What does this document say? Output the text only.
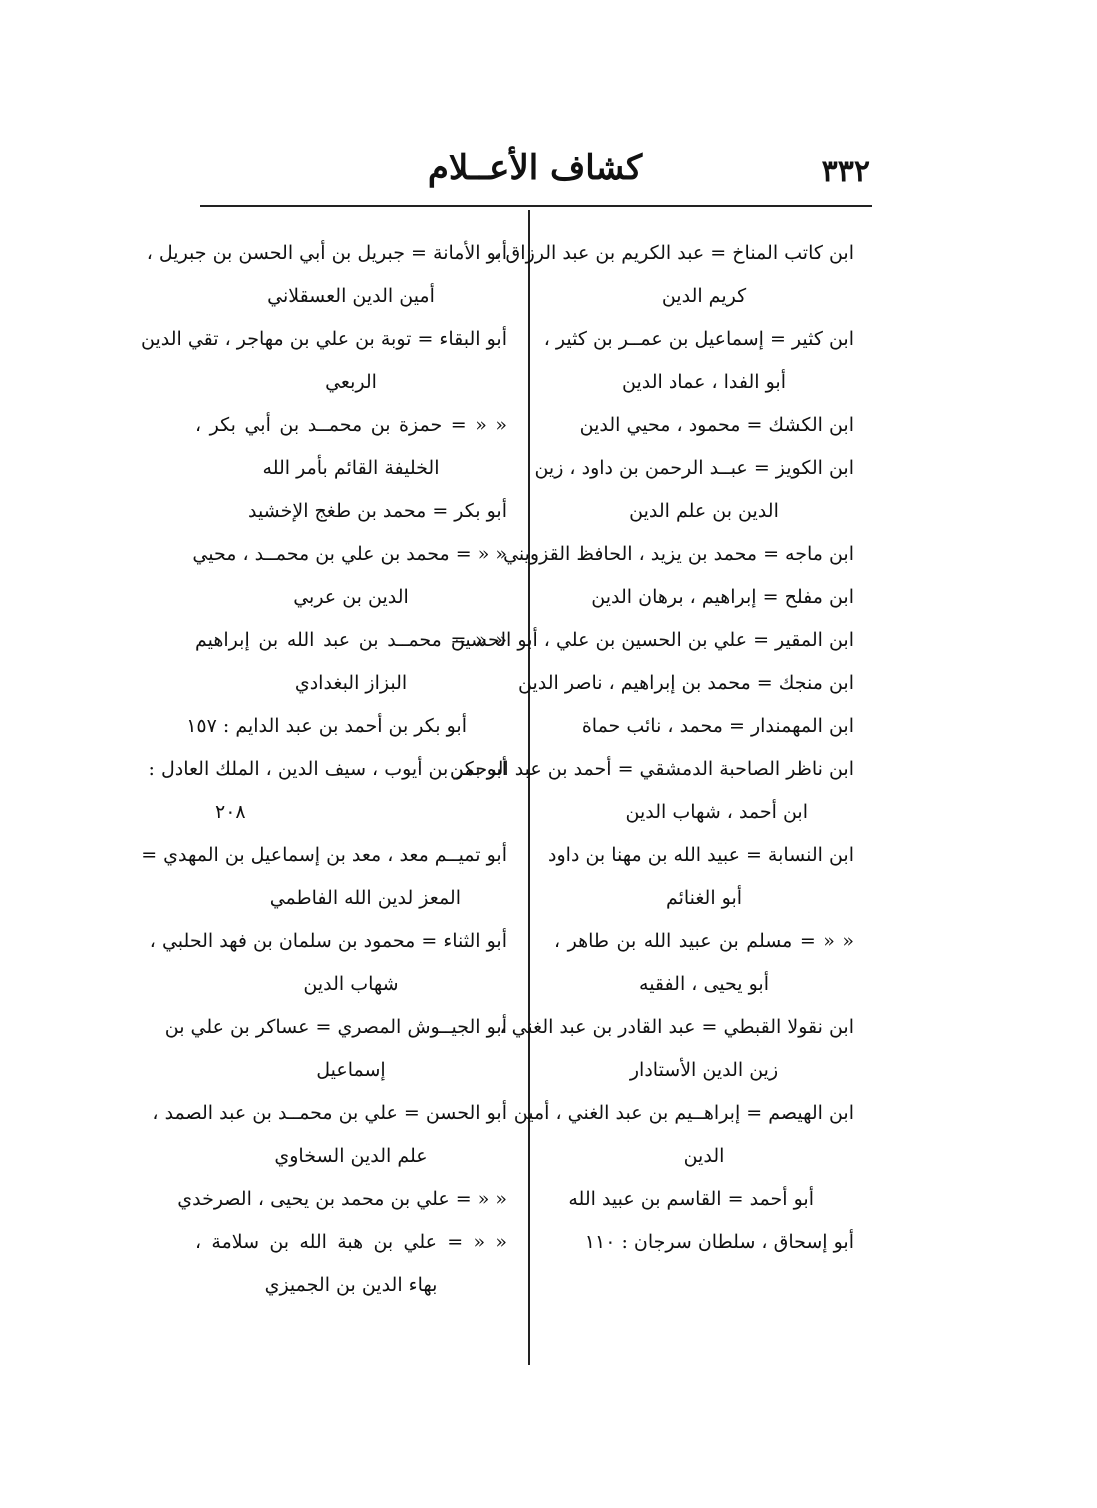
٣٣٢
كشاف الأعــلام
ابن كاتب المناخ = عبد الكريم بن عبد الرزاق ،
كريم الدين
ابن كثير = إسماعيل بن عمــر بن كثير ،
أبو الفدا ، عماد الدين
ابن الكشك = محمود ، محيي الدين
ابن الكويز = عبــد الرحمن بن داود ، زين
الدين بن علم الدين
ابن ماجه = محمد بن يزيد ، الحافظ القزويني
ابن مفلح = إبراهيم ، برهان الدين
ابن المقير = علي بن الحسين بن علي ، أبو الحسين
ابن منجك = محمد بن إبراهيم ، ناصر الدين
ابن المهمندار = محمد ، نائب حماة
ابن ناظر الصاحبة الدمشقي = أحمد بن عبد الرحمن
ابن أحمد ، شهاب الدين
ابن النسابة = عبيد الله بن مهنا بن داود
أبو الغنائم
« « = مسلم بن عبيد الله بن طاهر ،
أبو يحيى ، الفقيه
ابن نقولا القبطي = عبد القادر بن عبد الغني ،
زين الدين الأستادار
ابن الهيصم = إبراهــيم بن عبد الغني ، أمين
الدين
أبو أحمد = القاسم بن عبيد الله
أبو إسحاق ، سلطان سرجان : ١١٠
أبو الأمانة = جبريل بن أبي الحسن بن جبريل ،
أمين الدين العسقلاني
أبو البقاء = توبة بن علي بن مهاجر ، تقي الدين
الربعي
« « = حمزة بن محمــد بن أبي بكر ،
الخليفة القائم بأمر الله
أبو بكر = محمد بن طغج الإخشيد
« « = محمد بن علي بن محمــد ، محيي
الدين بن عربي
« « = محمــد بن عبد الله بن إبراهيم
البزاز البغدادي
أبو بكر بن أحمد بن عبد الدايم : ١٥٧
أبو بكر بن أيوب ، سيف الدين ، الملك العادل :
٢٠٨
أبو تميــم معد ، معد بن إسماعيل بن المهدي =
المعز لدين الله الفاطمي
أبو الثناء = محمود بن سلمان بن فهد الحلبي ،
شهاب الدين
أبو الجيــوش المصري = عساكر بن علي بن
إسماعيل
أبو الحسن = علي بن محمــد بن عبد الصمد ،
علم الدين السخاوي
« « = علي بن محمد بن يحيى ، الصرخدي
« « = علي بن هبة الله بن سلامة ،
بهاء الدين بن الجميزي
